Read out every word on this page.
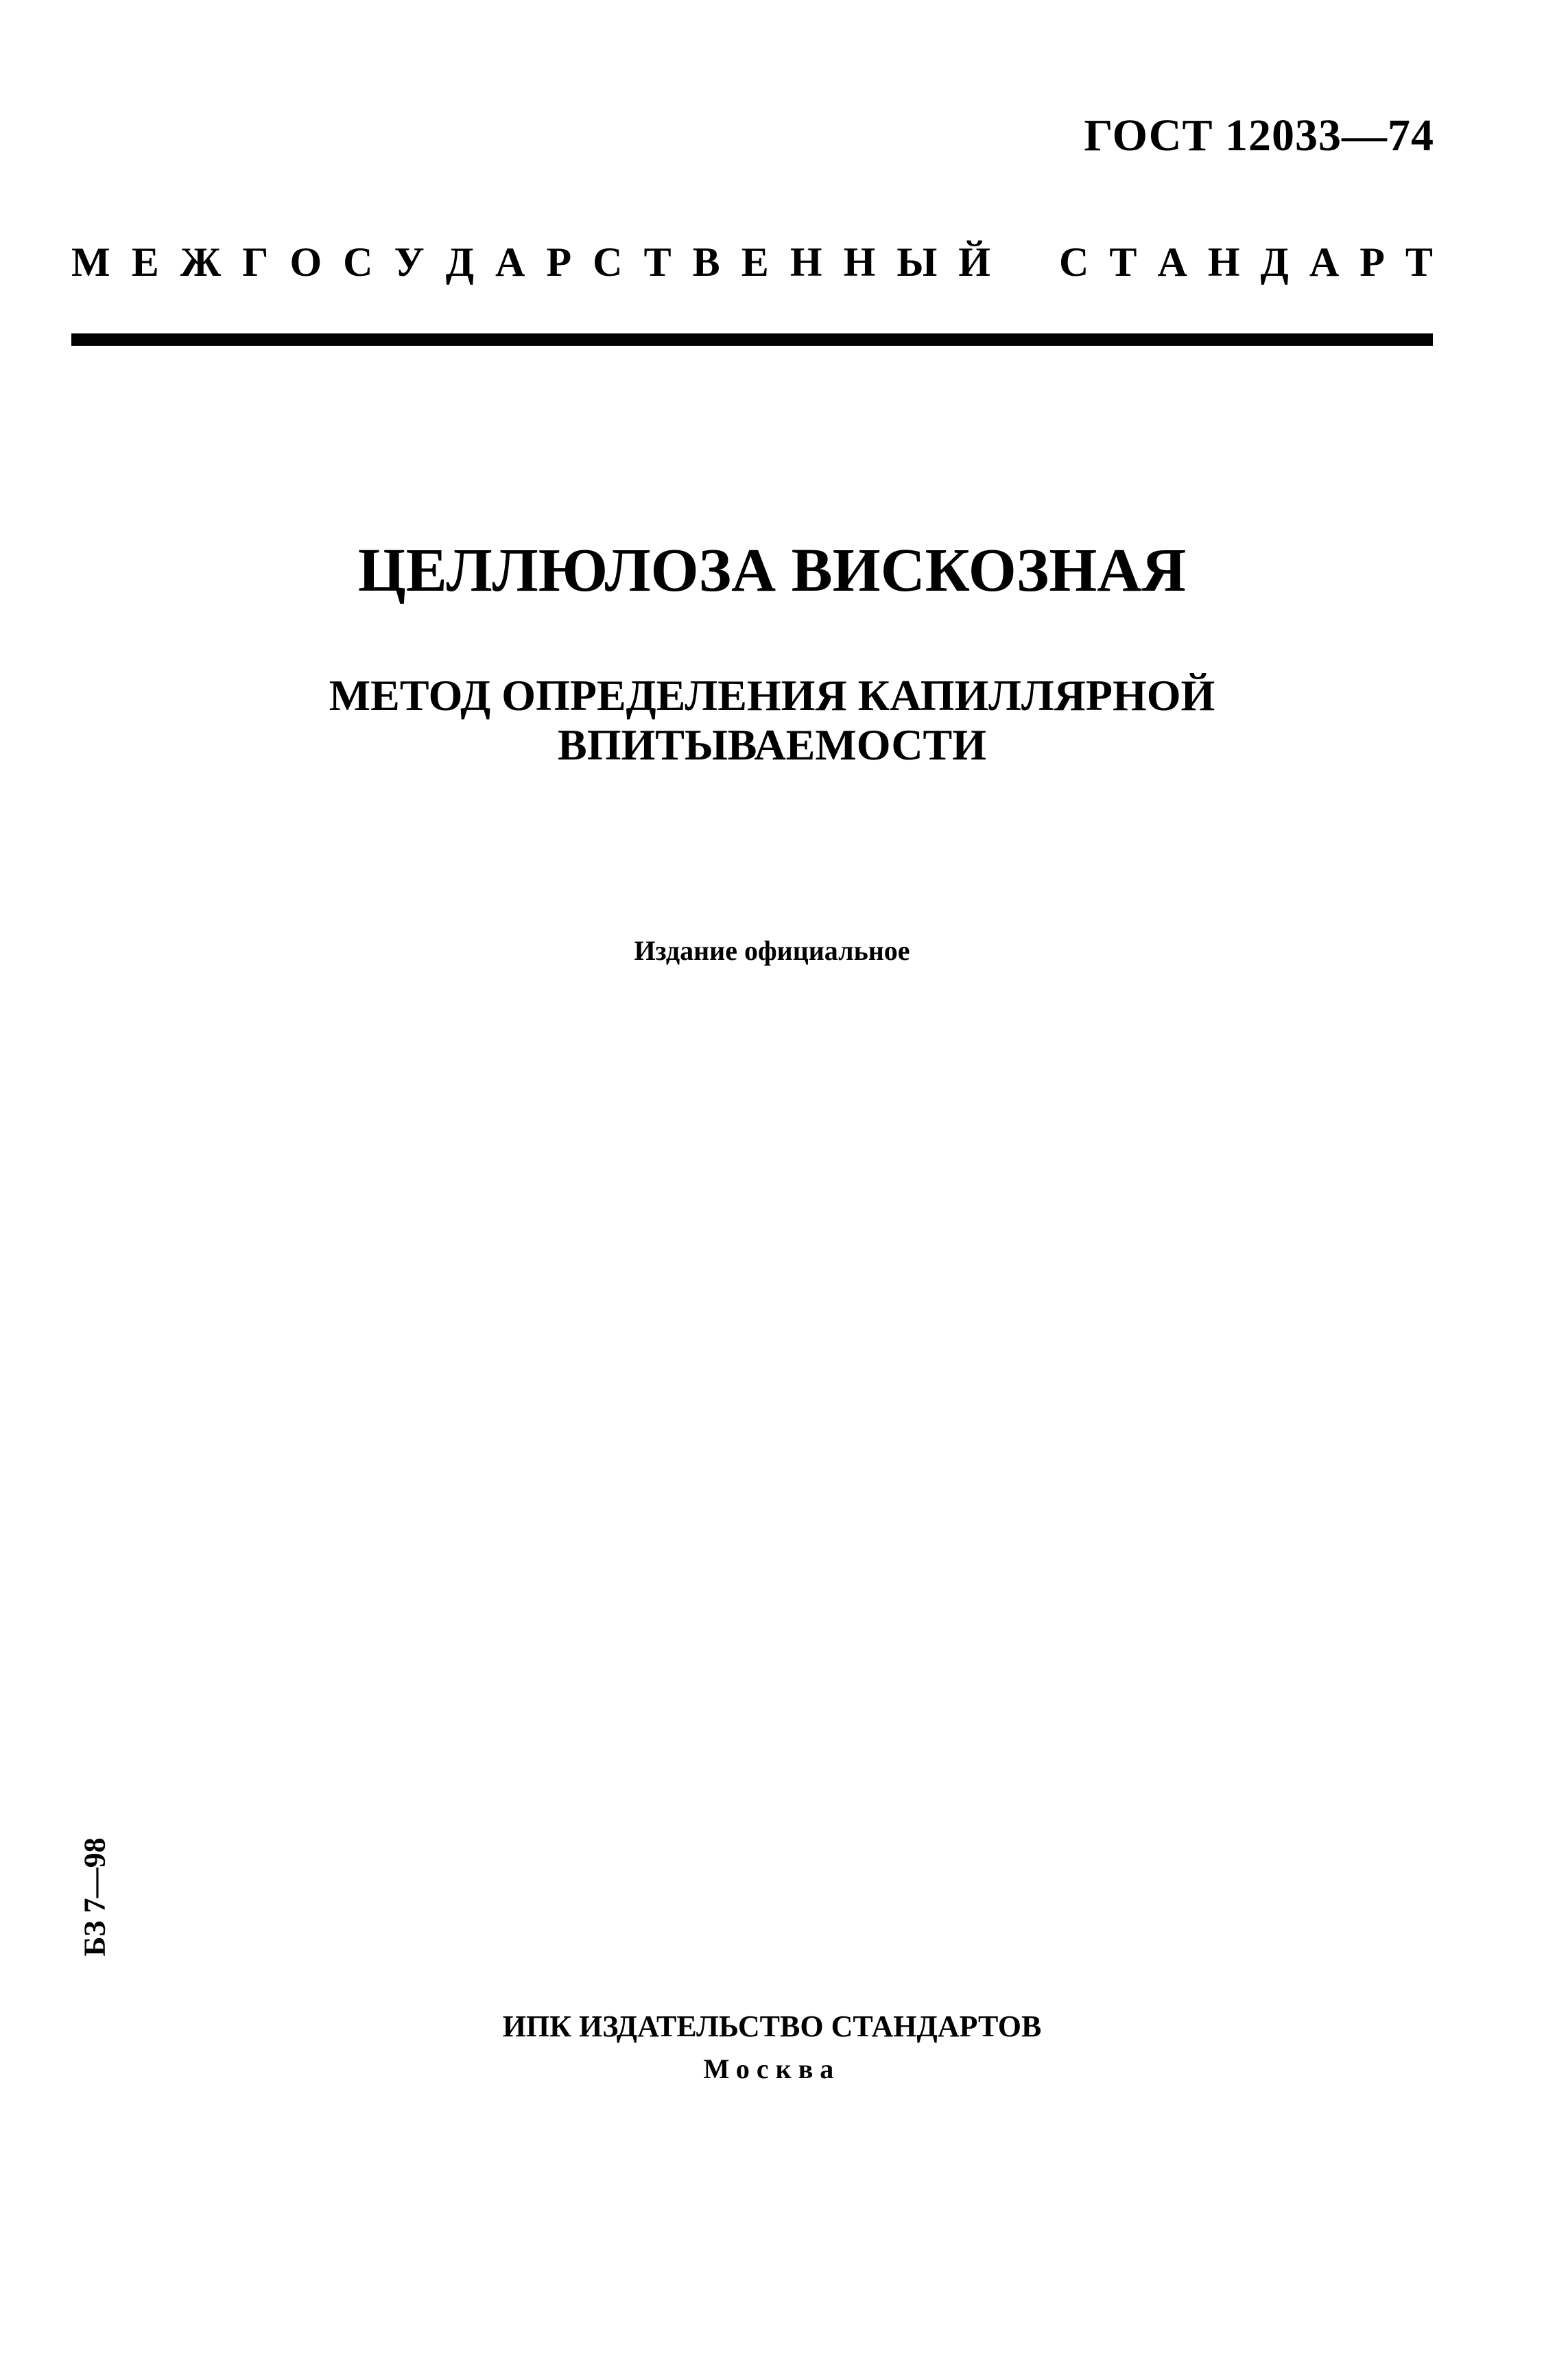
ГОСТ 12033—74
М Е Ж Г О С У Д А Р С Т В Е Н Н Ы Й С Т А Н Д А Р Т
ЦЕЛЛЮЛОЗА ВИСКОЗНАЯ
МЕТОД ОПРЕДЕЛЕНИЯ КАПИЛЛЯРНОЙ
ВПИТЫВАЕМОСТИ
Издание официальное
БЗ 7—98
ИПК ИЗДАТЕЛЬСТВО СТАНДАРТОВ
Москва
